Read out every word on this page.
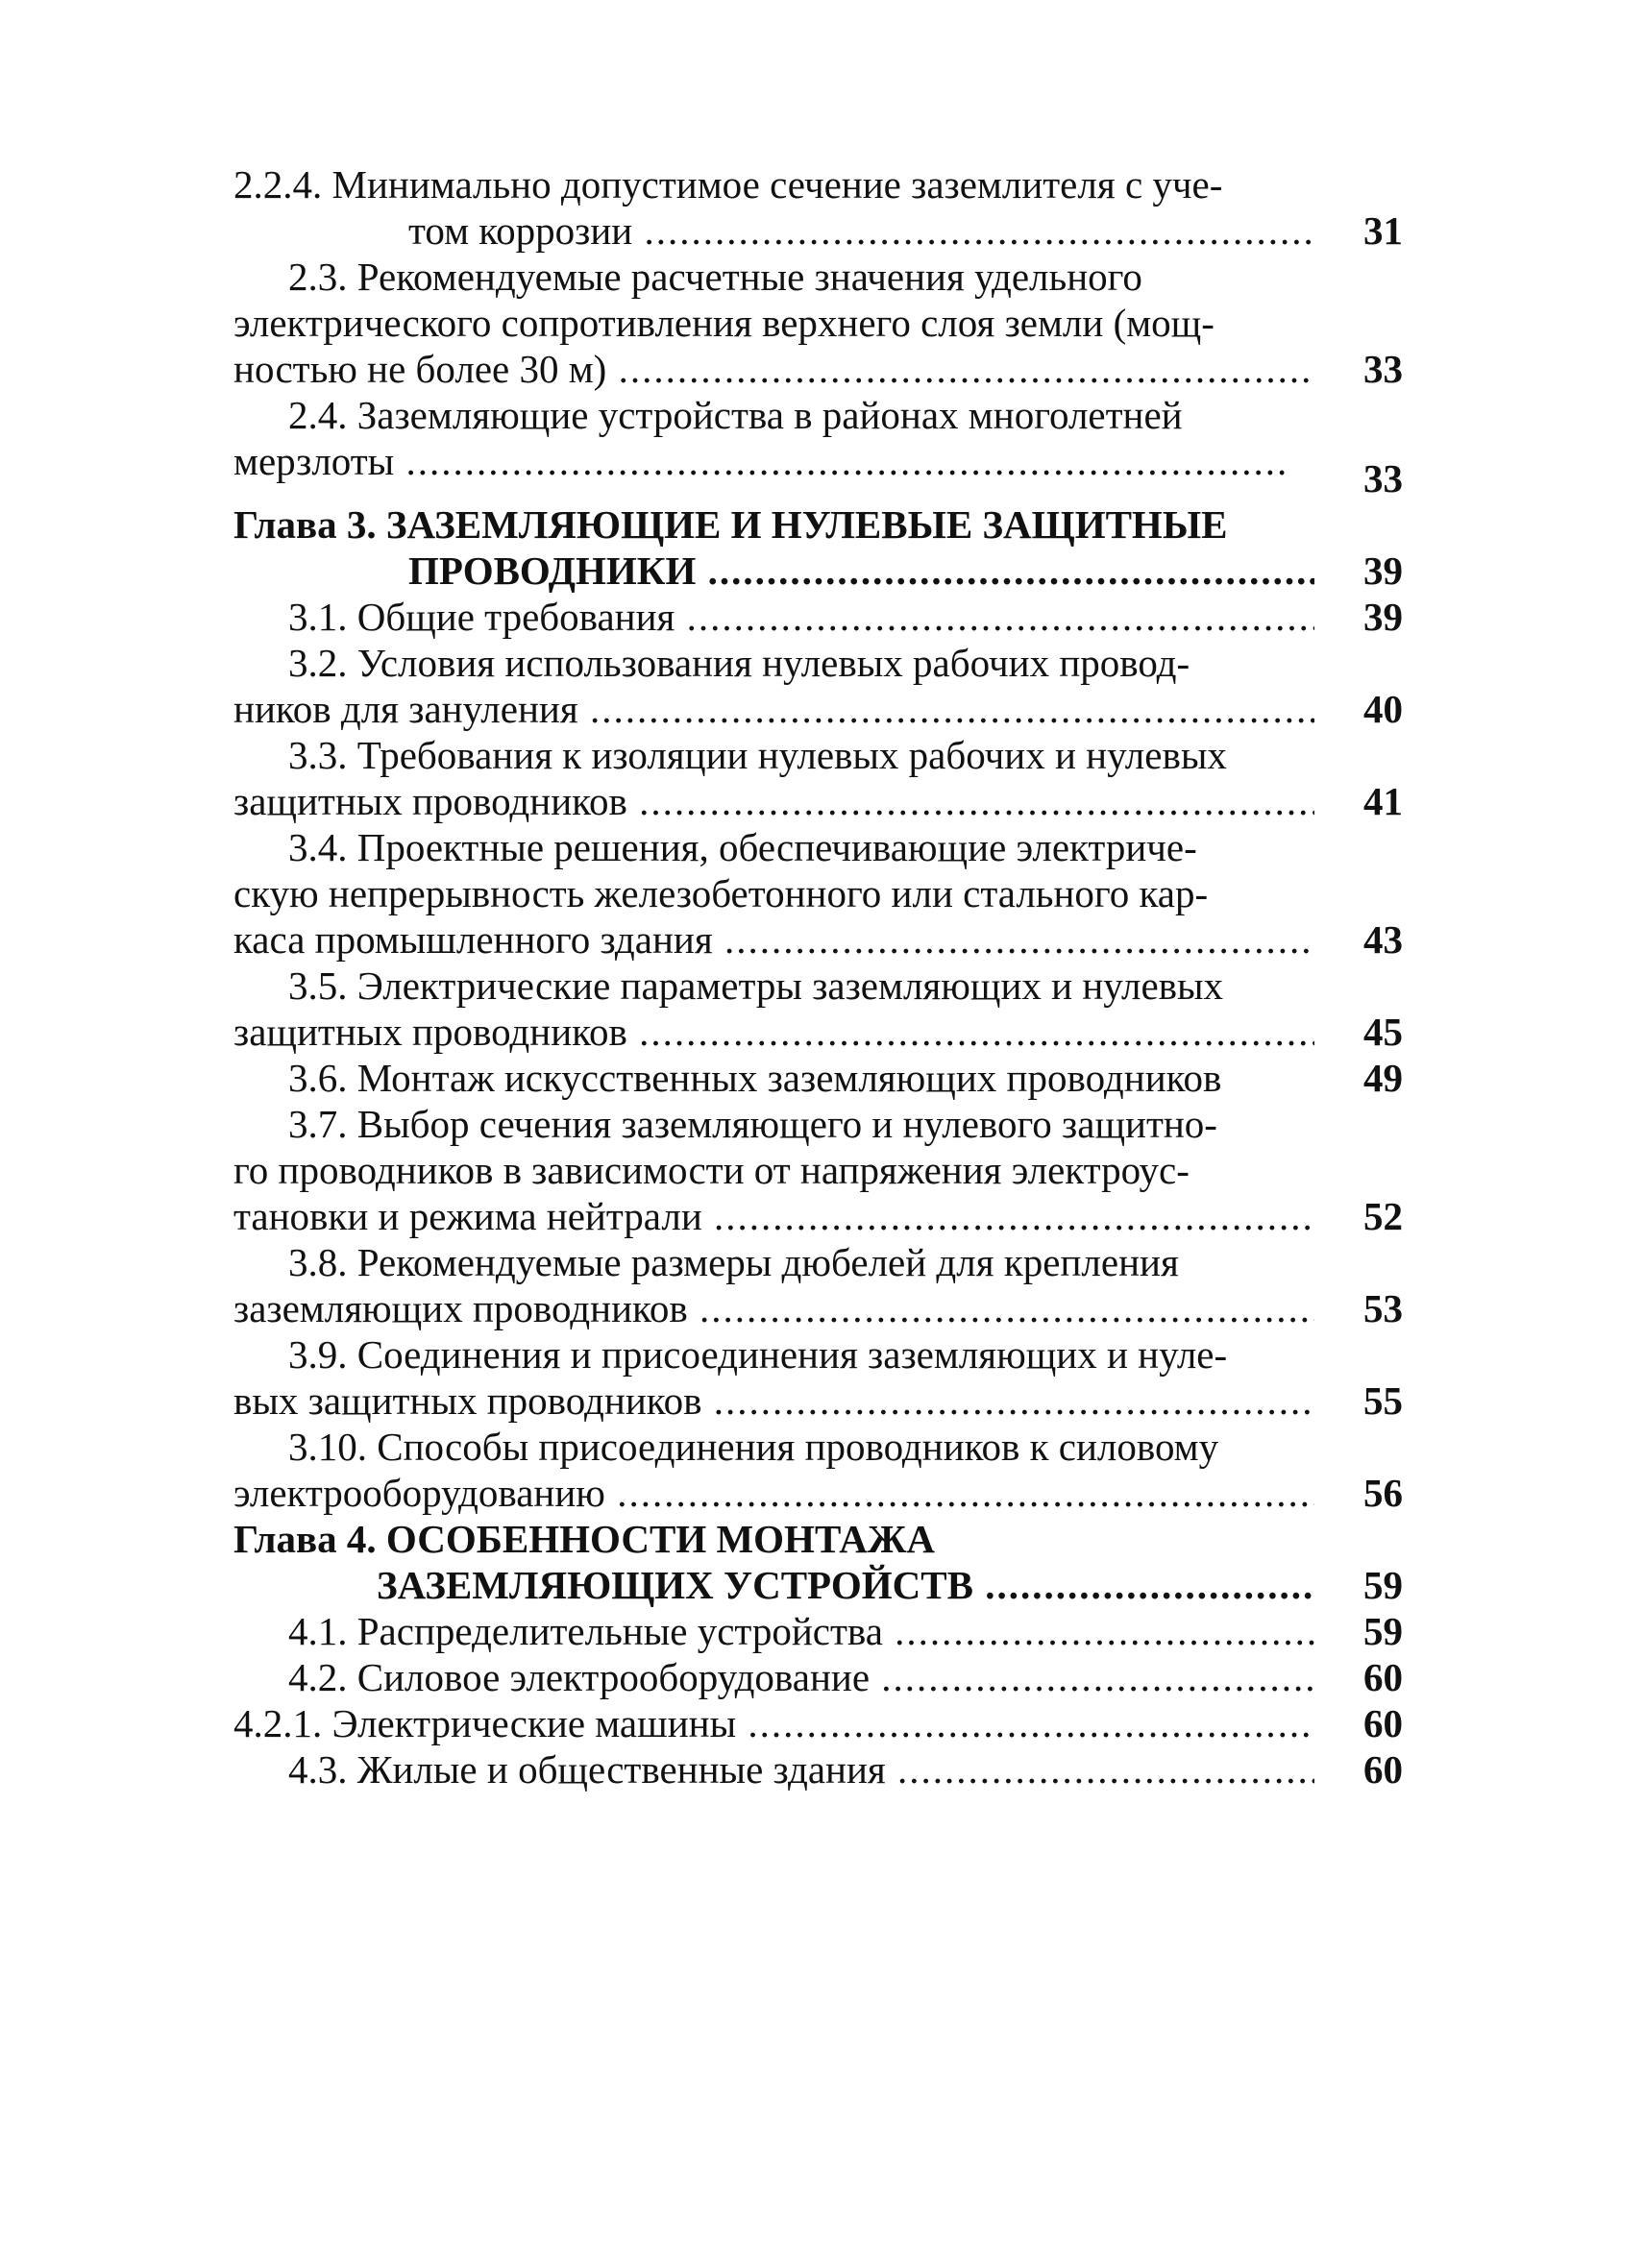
2.2.4. Минимально допустимое сечение заземлителя с уче-
том коррозии .....	31
2.3. Рекомендуемые расчетные значения удельного
электрического сопротивления верхнего слоя земли (мощ-
ностью не более 30 м) .....	33
2.4. Заземляющие устройства в районах многолетней
мерзлоты .....	33
Глава 3. ЗАЗЕМЛЯЮЩИЕ И НУЛЕВЫЕ ЗАЩИТНЫЕ
ПРОВОДНИКИ .....	39
3.1. Общие требования .....	39
3.2. Условия использования нулевых рабочих провод-
ников для зануления .....	40
3.3. Требования к изоляции нулевых рабочих и нулевых
защитных проводников .....	41
3.4. Проектные решения, обеспечивающие электриче-
скую непрерывность железобетонного или стального кар-
каса промышленного здания .....	43
3.5. Электрические параметры заземляющих и нулевых
защитных проводников .....	45
3.6. Монтаж искусственных заземляющих проводников	49
3.7. Выбор сечения заземляющего и нулевого защитно-
го проводников в зависимости от напряжения электроус-
тановки и режима нейтрали .....	52
3.8. Рекомендуемые размеры дюбелей для крепления
заземляющих проводников .....	53
3.9. Соединения и присоединения заземляющих и нуле-
вых защитных проводников .....	55
3.10. Способы присоединения проводников к силовому
электрооборудованию .....	56
Глава 4. ОСОБЕННОСТИ МОНТАЖА
ЗАЗЕМЛЯЮЩИХ УСТРОЙСТВ .....	59
4.1. Распределительные устройства .....	59
4.2. Силовое электрооборудование .....	60
4.2.1. Электрические машины .....	60
4.3. Жилые и общественные здания .....	60
